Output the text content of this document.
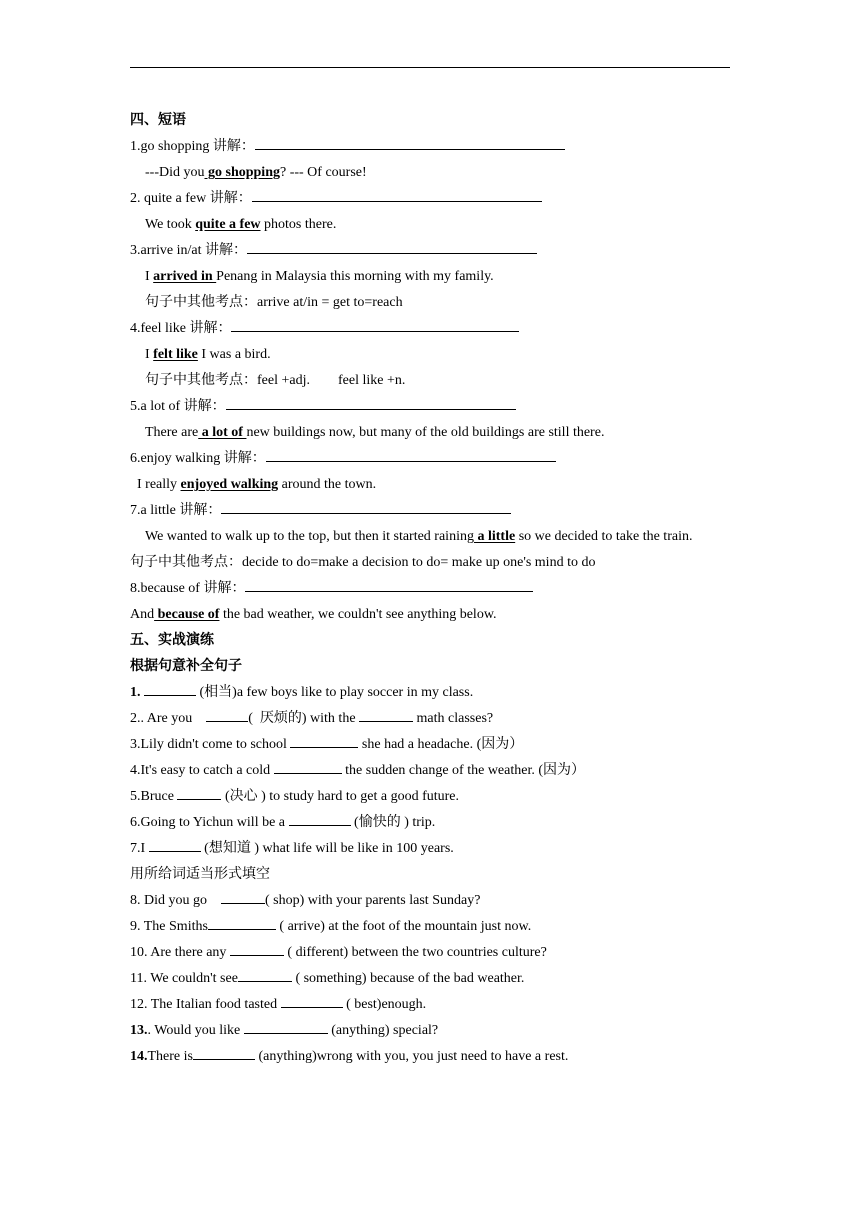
四、短语
1.go shopping 讲解：
---Did you go shopping? --- Of course!
2. quite a few 讲解：
We took quite a few photos there.
3.arrive in/at 讲解：
I arrived in Penang in Malaysia this morning with my family.
句子中其他考点：arrive at/in = get to=reach
4.feel like 讲解：
I felt like I was a bird.
句子中其他考点：feel +adj.        feel like +n.
5.a lot of 讲解：
There are a lot of new buildings now, but many of the old buildings are still there.
6.enjoy walking 讲解：
I really enjoyed walking around the town.
7.a little 讲解：
We wanted to walk up to the top, but then it started raining a little so we decided to take the train.
句子中其他考点：decide to do=make a decision to do= make up one's mind to do
8.because of 讲解：
And because of the bad weather, we couldn't see anything below.
五、实战演练
根据句意补全句子
1.	(相当)a few boys like to play soccer in my class.
2.. Are you	(  厌烦的) with the	math classes?
3.Lily didn't come to school	she had a headache. (因为）
4.It's easy to catch a cold	the sudden change of the weather. (因为）
5.Bruce	(决心 ) to study hard to get a good future.
6.Going to Yichun will be a	(愉快的 ) trip.
7.I	(想知道 ) what life will be like in 100 years.
用所给词适当形式填空
8. Did you go	( shop) with your parents last Sunday?
9. The Smiths	( arrive) at the foot of the mountain just now.
10. Are there any	( different) between the two countries culture?
11. We couldn't see	( something) because of the bad weather.
12. The Italian food tasted	( best)enough.
13.. Would you like	(anything) special?
14.There is	(anything)wrong with you, you just need to have a rest.
